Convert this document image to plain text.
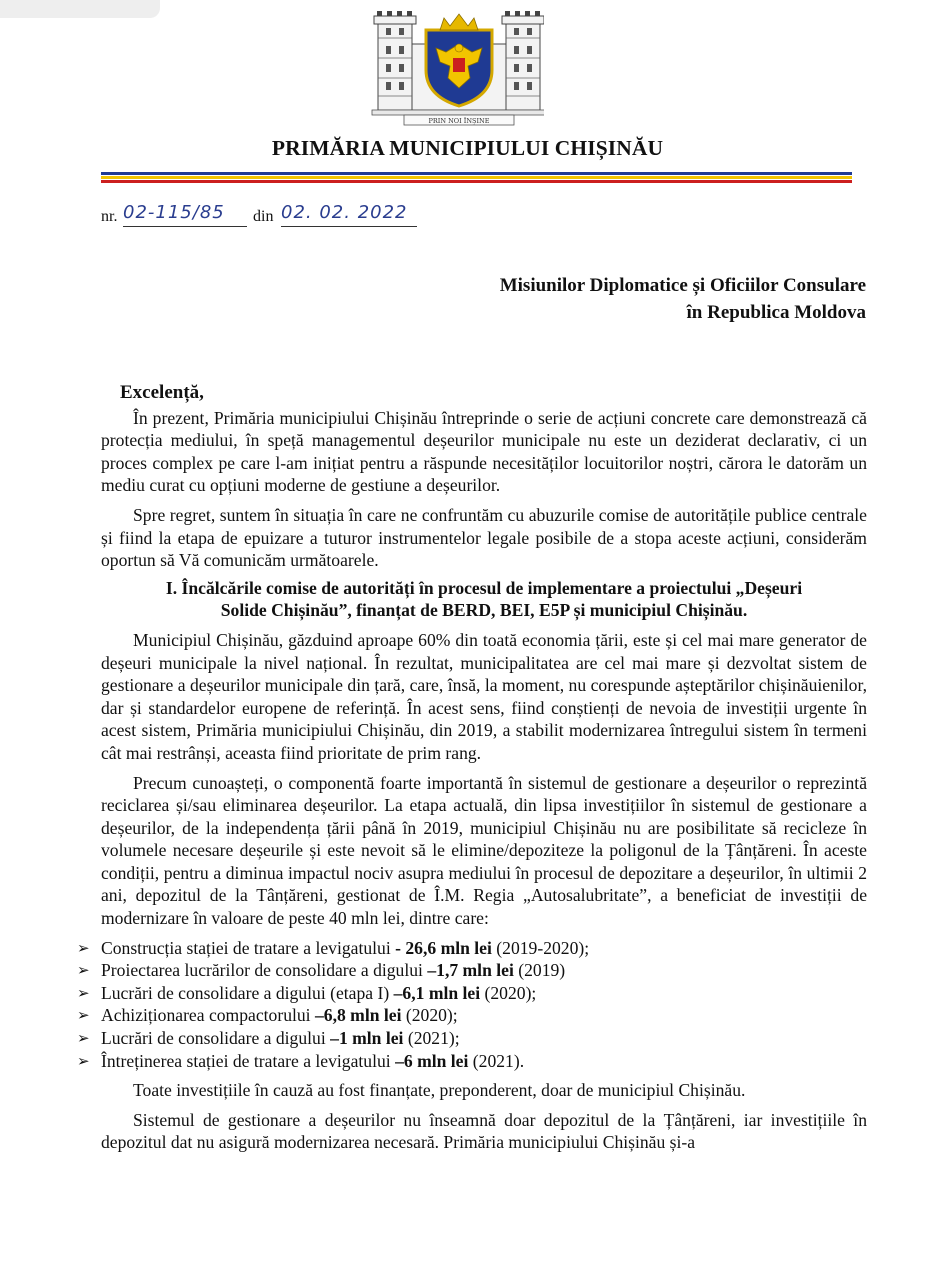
PRIN NOI ÎNȘINE
PRIMĂRIA MUNICIPIULUI CHIȘINĂU
nr. 02-115/85 din 02. 02. 2022
Misiunilor Diplomatice și Oficiilor Consulare
în Republica Moldova
Excelență,

În prezent, Primăria municipiului Chișinău întreprinde o serie de acțiuni concrete care demonstrează că protecția mediului, în speță managementul deșeurilor municipale nu este un deziderat declarativ, ci un proces complex pe care l-am inițiat pentru a răspunde necesităților locuitorilor noștri, cărora le datorăm un mediu curat cu opțiuni moderne de gestiune a deșeurilor.

Spre regret, suntem în situația în care ne confruntăm cu abuzurile comise de autoritățile publice centrale și fiind la etapa de epuizare a tuturor instrumentelor legale posibile de a stopa aceste acțiuni, considerăm oportun să Vă comunicăm următoarele.

I. Încălcările comise de autorități în procesul de implementare a proiectului „Deșeuri
Solide Chișinău”, finanțat de BERD, BEI, E5P și municipiul Chișinău.

Municipiul Chișinău, găzduind aproape 60% din toată economia țării, este și cel mai mare generator de deșeuri municipale la nivel național. În rezultat, municipalitatea are cel mai mare și dezvoltat sistem de gestionare a deșeurilor municipale din țară, care, însă, la moment, nu corespunde așteptărilor chișinăuienilor, dar și standardelor europene de referință. În acest sens, fiind conștienți de nevoia de investiții urgente în acest sistem, Primăria municipiului Chișinău, din 2019, a stabilit modernizarea întregului sistem în termeni cât mai restrânși, aceasta fiind prioritate de prim rang.

Precum cunoașteți, o componentă foarte importantă în sistemul de gestionare a deșeurilor o reprezintă reciclarea și/sau eliminarea deșeurilor. La etapa actuală, din lipsa investițiilor în sistemul de gestionare a deșeurilor, de la independența țării până în 2019, municipiul Chișinău nu are posibilitate să recicleze în volumele necesare deșeurile și este nevoit să le elimine/depoziteze la poligonul de la Țânțăreni. În aceste condiții, pentru a diminua impactul nociv asupra mediului în procesul de depozitare a deșeurilor, în ultimii 2 ani, depozitul de la Tânțăreni, gestionat de Î.M. Regia „Autosalubritate”, a beneficiat de investiții de modernizare în valoare de peste 40 mln lei, dintre care:

➢ Construcția stației de tratare a levigatului - 26,6 mln lei (2019-2020);
➢ Proiectarea lucrărilor de consolidare a digului –1,7 mln lei (2019)
➢ Lucrări de consolidare a digului (etapa I) –6,1 mln lei (2020);
➢ Achiziționarea compactorului –6,8 mln lei (2020);
➢ Lucrări de consolidare a digului –1 mln lei (2021);
➢ Întreținerea stației de tratare a levigatului –6 mln lei (2021).

Toate investițiile în cauză au fost finanțate, preponderent, doar de municipiul Chișinău.

Sistemul de gestionare a deșeurilor nu înseamnă doar depozitul de la Țânțăreni, iar investițiile în depozitul dat nu asigură modernizarea necesară. Primăria municipiului Chișinău și-a
